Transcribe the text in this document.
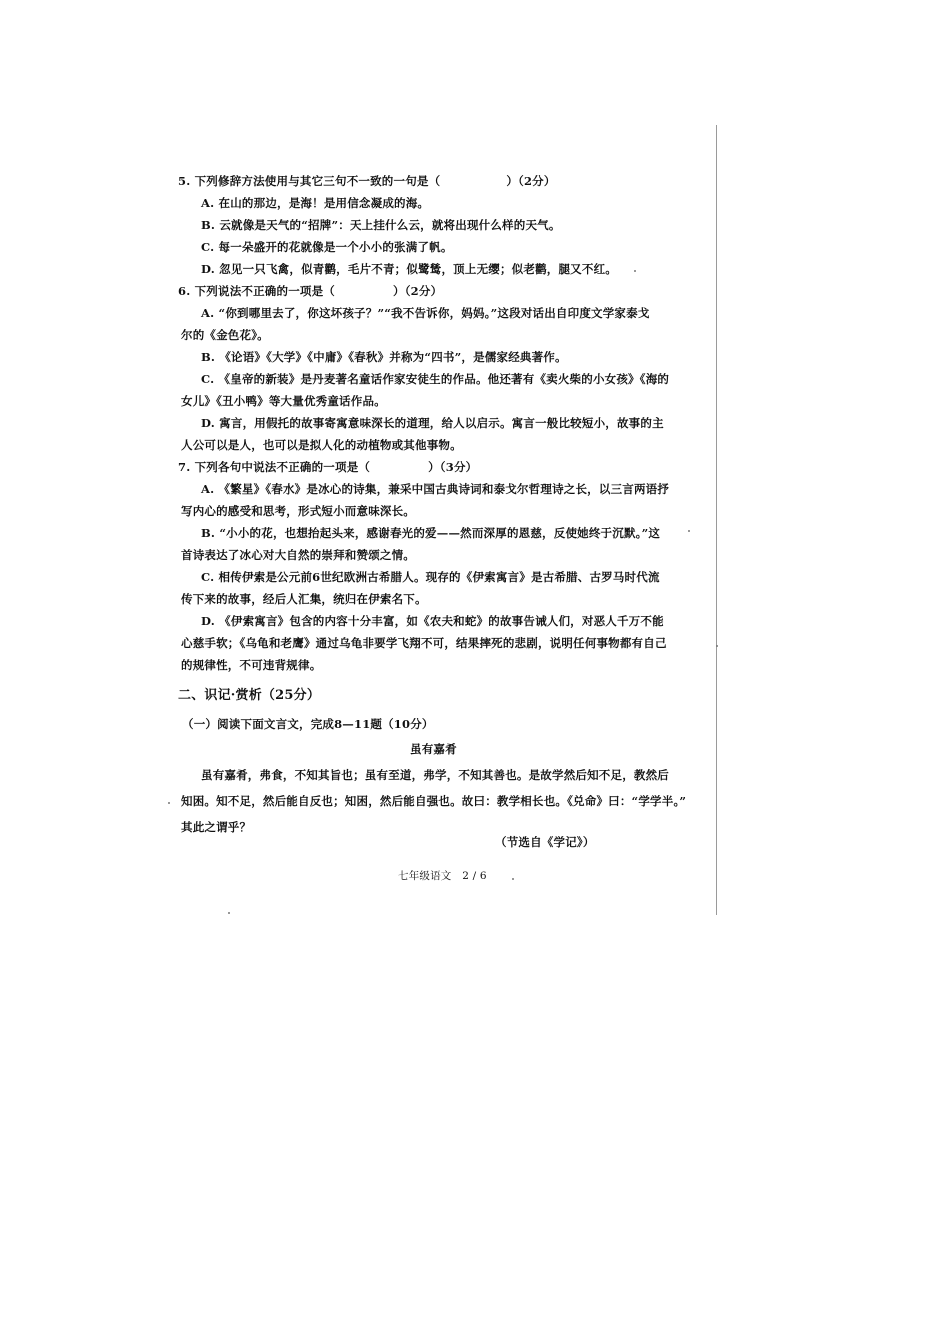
5. 下列修辞方法使用与其它三句不一致的一句是（	）（2分）
A. 在山的那边，是海！是用信念凝成的海。
B. 云就像是天气的“招牌”：天上挂什么云，就将出现什么样的天气。
C. 每一朵盛开的花就像是一个小小的张满了帆。
D. 忽见一只飞禽，似青鹳，毛片不青；似鹭鸶，顶上无缨；似老鹳，腿又不红。
6. 下列说法不正确的一项是（	）（2分）
A. “你到哪里去了，你这坏孩子？”“我不告诉你，妈妈。”这段对话出自印度文学家泰戈
尔的《金色花》。
B. 《论语》《大学》《中庸》《春秋》并称为“四书”，是儒家经典著作。
C. 《皇帝的新装》是丹麦著名童话作家安徒生的作品。他还著有《卖火柴的小女孩》《海的
女儿》《丑小鸭》等大量优秀童话作品。
D. 寓言，用假托的故事寄寓意味深长的道理，给人以启示。寓言一般比较短小，故事的主
人公可以是人，也可以是拟人化的动植物或其他事物。
7. 下列各句中说法不正确的一项是（	）（3分）
A. 《繁星》《春水》是冰心的诗集，兼采中国古典诗词和泰戈尔哲理诗之长，以三言两语抒
写内心的感受和思考，形式短小而意味深长。
B. “小小的花，也想抬起头来，感谢春光的爱——然而深厚的恩慈，反使她终于沉默。”这
首诗表达了冰心对大自然的崇拜和赞颂之情。
C. 相传伊索是公元前6世纪欧洲古希腊人。现存的《伊索寓言》是古希腊、古罗马时代流
传下来的故事，经后人汇集，统归在伊索名下。
D. 《伊索寓言》包含的内容十分丰富，如《农夫和蛇》的故事告诫人们，对恶人千万不能
心慈手软；《乌龟和老鹰》通过乌龟非要学飞翔不可，结果摔死的悲剧，说明任何事物都有自己
的规律性，不可违背规律。
二、识记·赏析（25分）
（一）阅读下面文言文，完成8—11题（10分）
虽有嘉肴
虽有嘉肴，弗食，不知其旨也；虽有至道，弗学，不知其善也。是故学然后知不足，教然后
知困。知不足，然后能自反也；知困，然后能自强也。故曰：教学相长也。《兑命》曰：“学学半。”
其此之谓乎？
（节选自《学记》）
七年级语文　2 / 6
